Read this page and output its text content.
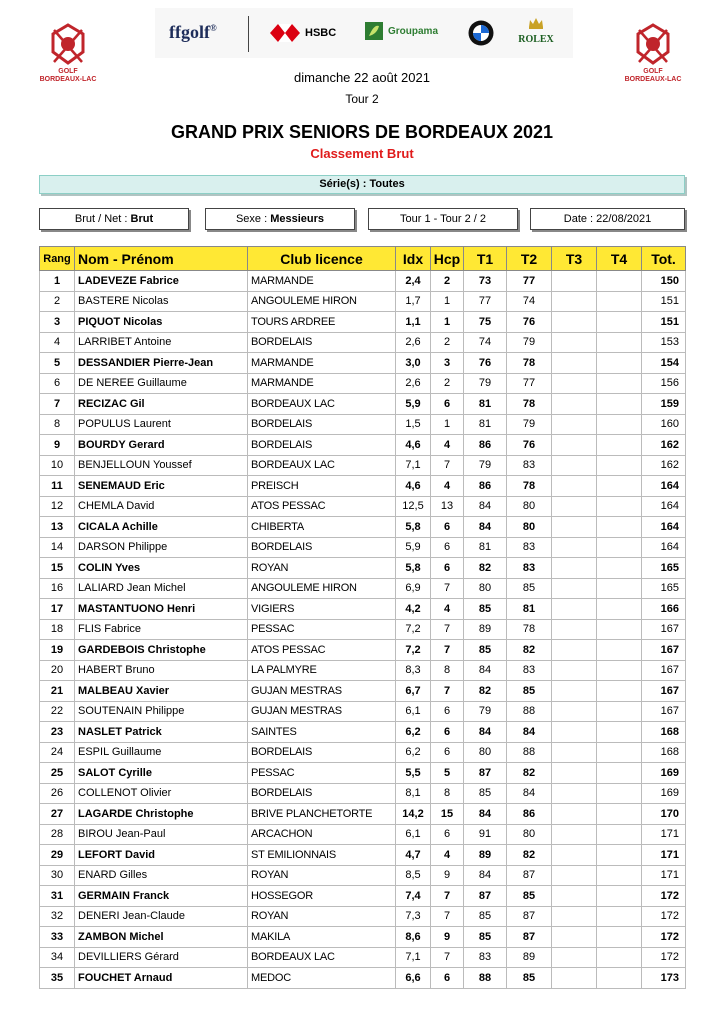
GOLF
BORDEAUX-LAC
GOLF
BORDEAUX-LAC
ffgolf®	HSBC	Groupama
ROLEX
dimanche 22 août 2021
Tour 2
GRAND PRIX SENIORS DE BORDEAUX 2021
Classement Brut
Série(s) : Toutes
Brut / Net : Brut	Sexe : Messieurs	Tour 1 - Tour 2 / 2	Date : 22/08/2021
Rang	Nom - Prénom	Club licence	Idx	Hcp	T1	T2	T3	T4	Tot.
1	LADEVEZE Fabrice	MARMANDE	2,4	2	73	77			150
2	BASTERE Nicolas	ANGOULEME HIRON	1,7	1	77	74			151
3	PIQUOT Nicolas	TOURS ARDREE	1,1	1	75	76			151
4	LARRIBET Antoine	BORDELAIS	2,6	2	74	79			153
5	DESSANDIER Pierre-Jean	MARMANDE	3,0	3	76	78			154
6	DE NEREE Guillaume	MARMANDE	2,6	2	79	77			156
7	RECIZAC Gil	BORDEAUX LAC	5,9	6	81	78			159
8	POPULUS Laurent	BORDELAIS	1,5	1	81	79			160
9	BOURDY Gerard	BORDELAIS	4,6	4	86	76			162
10	BENJELLOUN Youssef	BORDEAUX LAC	7,1	7	79	83			162
11	SENEMAUD Eric	PREISCH	4,6	4	86	78			164
12	CHEMLA David	ATOS PESSAC	12,5	13	84	80			164
13	CICALA Achille	CHIBERTA	5,8	6	84	80			164
14	DARSON Philippe	BORDELAIS	5,9	6	81	83			164
15	COLIN Yves	ROYAN	5,8	6	82	83			165
16	LALIARD Jean Michel	ANGOULEME HIRON	6,9	7	80	85			165
17	MASTANTUONO Henri	VIGIERS	4,2	4	85	81			166
18	FLIS Fabrice	PESSAC	7,2	7	89	78			167
19	GARDEBOIS Christophe	ATOS PESSAC	7,2	7	85	82			167
20	HABERT Bruno	LA PALMYRE	8,3	8	84	83			167
21	MALBEAU Xavier	GUJAN MESTRAS	6,7	7	82	85			167
22	SOUTENAIN Philippe	GUJAN MESTRAS	6,1	6	79	88			167
23	NASLET Patrick	SAINTES	6,2	6	84	84			168
24	ESPIL Guillaume	BORDELAIS	6,2	6	80	88			168
25	SALOT Cyrille	PESSAC	5,5	5	87	82			169
26	COLLENOT Olivier	BORDELAIS	8,1	8	85	84			169
27	LAGARDE Christophe	BRIVE PLANCHETORTE	14,2	15	84	86			170
28	BIROU Jean-Paul	ARCACHON	6,1	6	91	80			171
29	LEFORT David	ST EMILIONNAIS	4,7	4	89	82			171
30	ENARD Gilles	ROYAN	8,5	9	84	87			171
31	GERMAIN Franck	HOSSEGOR	7,4	7	87	85			172
32	DENERI Jean-Claude	ROYAN	7,3	7	85	87			172
33	ZAMBON Michel	MAKILA	8,6	9	85	87			172
34	DEVILLIERS Gérard	BORDEAUX LAC	7,1	7	83	89			172
35	FOUCHET Arnaud	MEDOC	6,6	6	88	85			173
